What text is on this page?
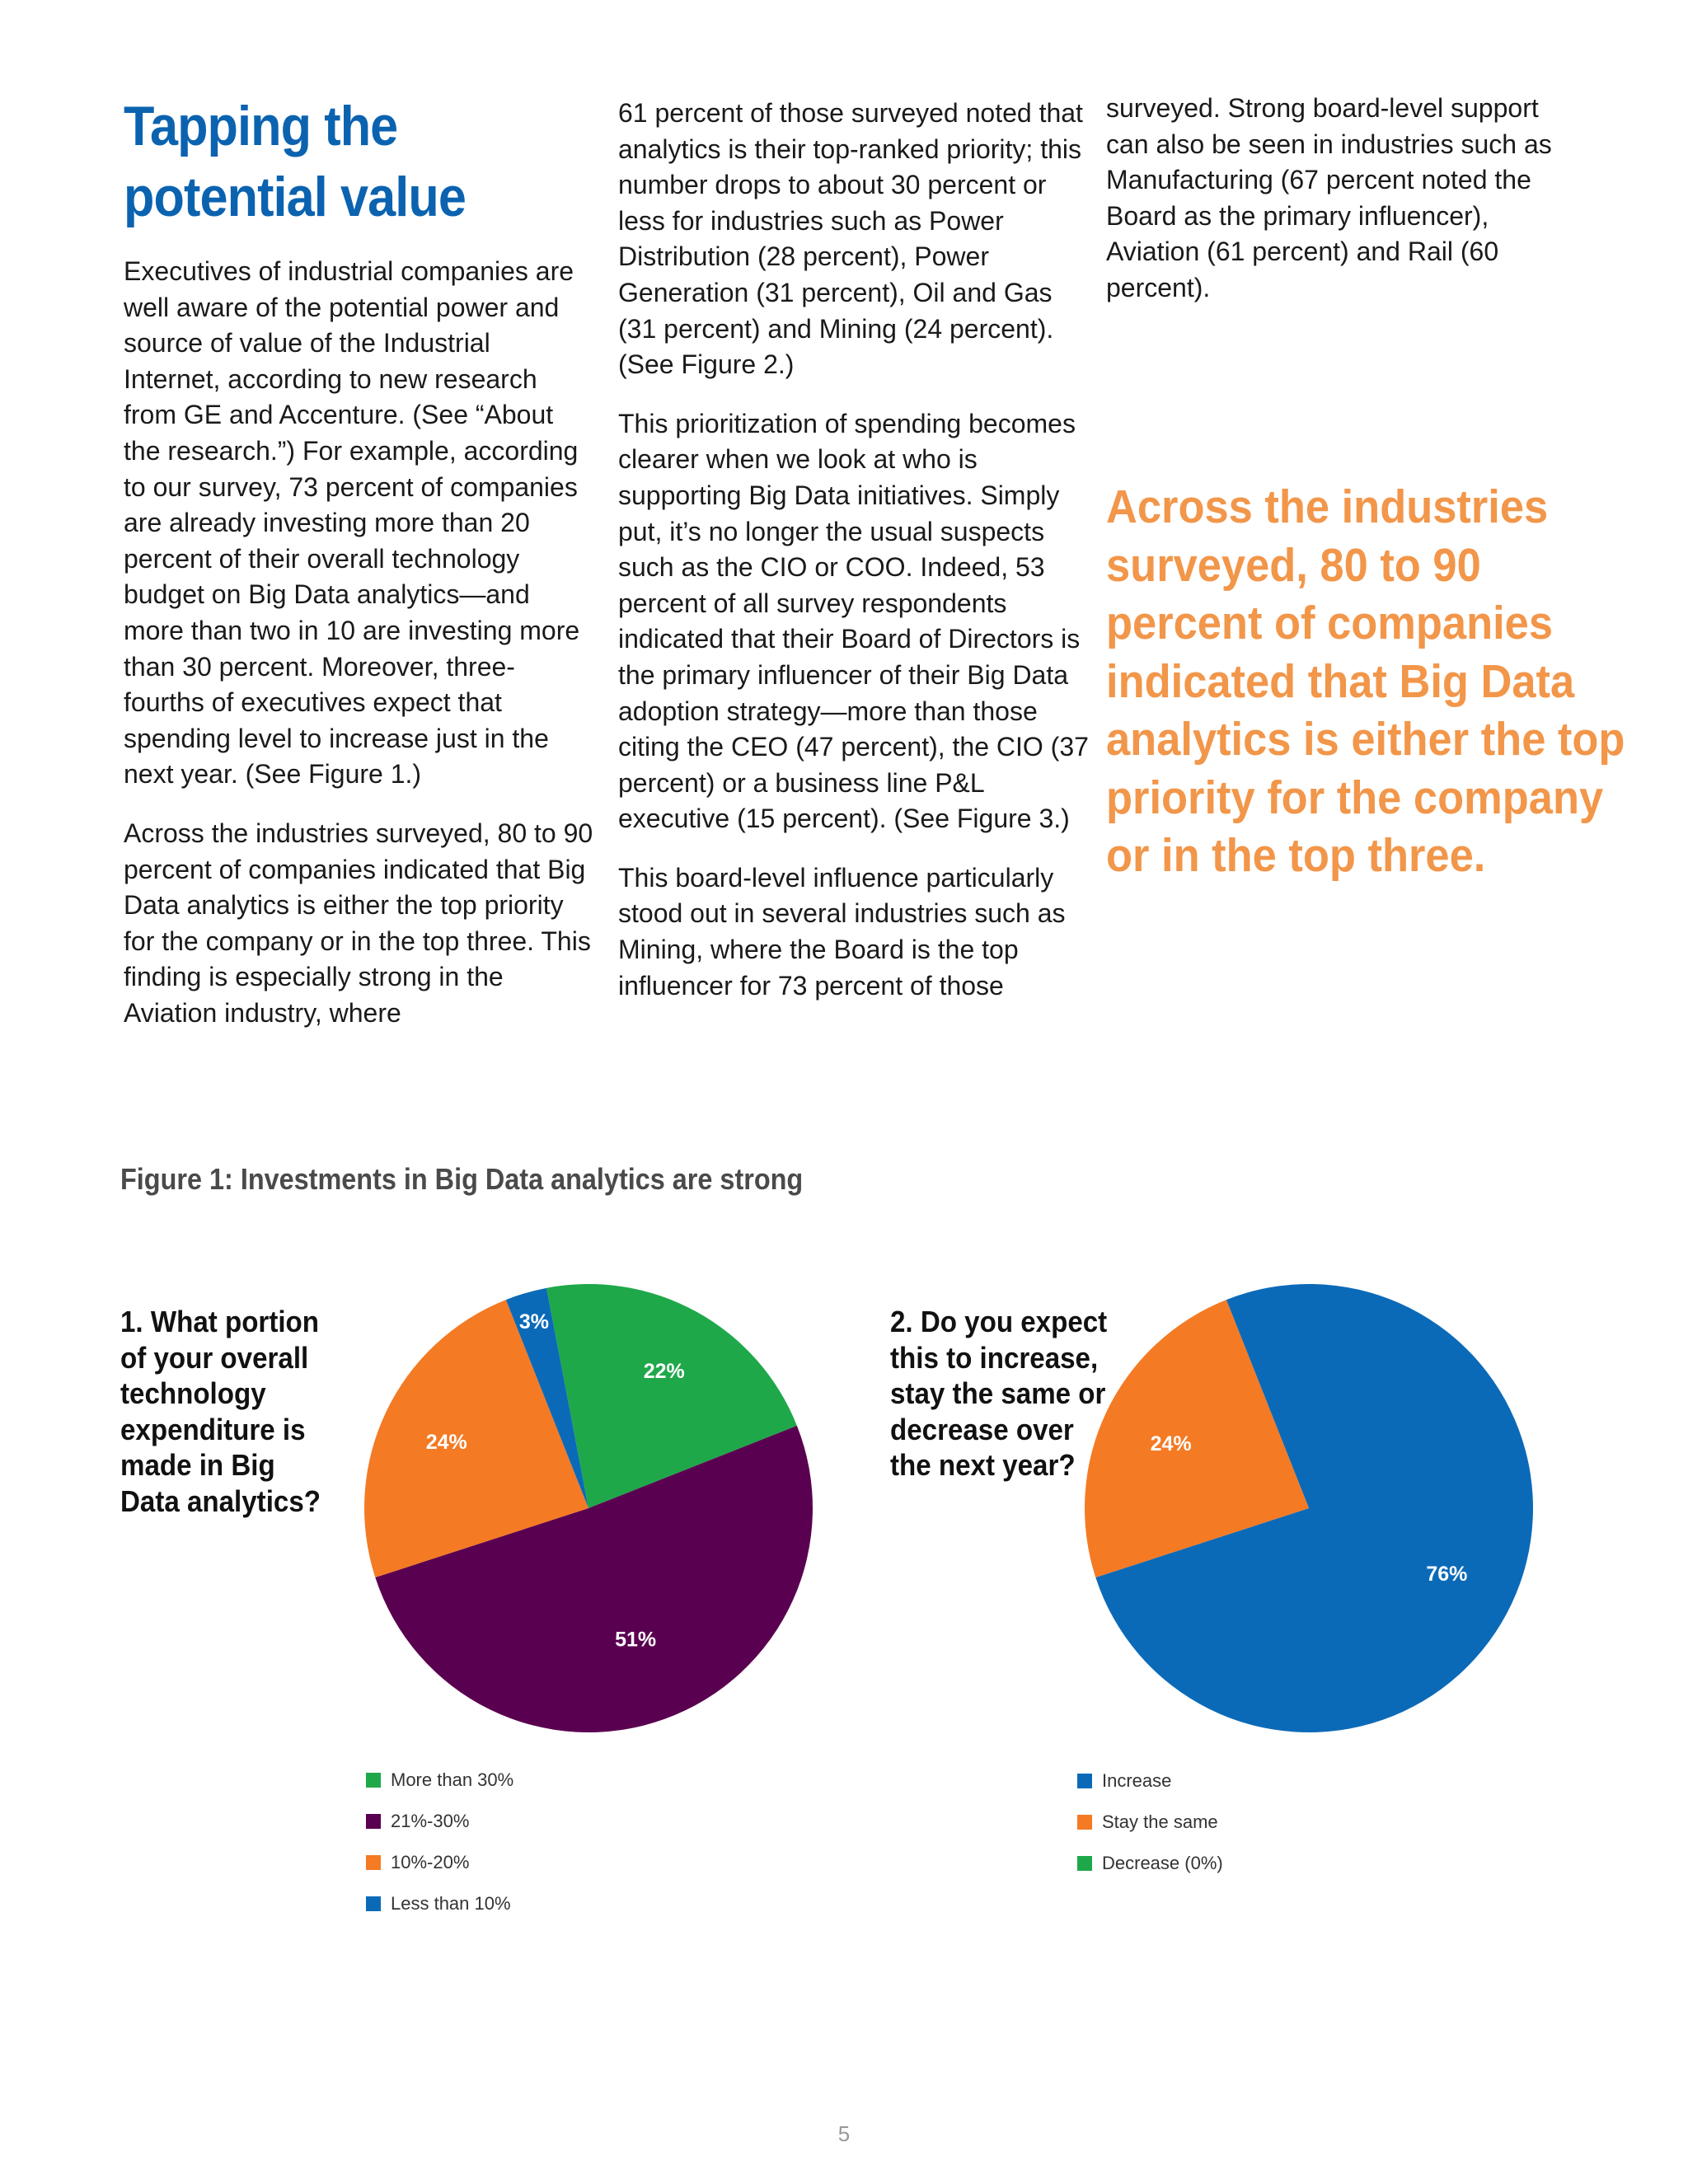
Tapping the potential value

Executives of industrial companies are well aware of the potential power and source of value of the Industrial Internet, according to new research from GE and Accenture. (See “About the research.”) For example, according to our survey, 73 percent of companies are already investing more than 20 percent of their overall technology budget on Big Data analytics—and more than two in 10 are investing more than 30 percent. Moreover, three-fourths of executives expect that spending level to increase just in the next year. (See Figure 1.)

Across the industries surveyed, 80 to 90 percent of companies indicated that Big Data analytics is either the top priority for the company or in the top three. This finding is especially strong in the Aviation industry, where

61 percent of those surveyed noted that analytics is their top-ranked priority; this number drops to about 30 percent or less for industries such as Power Distribution (28 percent), Power Generation (31 percent), Oil and Gas (31 percent) and Mining (24 percent). (See Figure 2.)

This prioritization of spending becomes clearer when we look at who is supporting Big Data initiatives. Simply put, it’s no longer the usual suspects such as the CIO or COO. Indeed, 53 percent of all survey respondents indicated that their Board of Directors is the primary influencer of their Big Data adoption strategy—more than those citing the CEO (47 percent), the CIO (37 percent) or a business line P&L executive (15 percent). (See Figure 3.)

This board-level influence particularly stood out in several industries such as Mining, where the Board is the top influencer for 73 percent of those

surveyed. Strong board-level support can also be seen in industries such as Manufacturing (67 percent noted the Board as the primary influencer), Aviation (61 percent) and Rail (60 percent).

Across the industries surveyed, 80 to 90 percent of companies indicated that Big Data analytics is either the top priority for the company or in the top three.
Figure 1: Investments in Big Data analytics are strong
1. What portion of your overall technology expenditure is made in Big Data analytics?
2. Do you expect this to increase, stay the same or decrease over the next year?
22%
51%
24%
3%
76%
24%
More than 30%
21%-30%
10%-20%
Less than 10%
Increase
Stay the same
Decrease (0%)
5
